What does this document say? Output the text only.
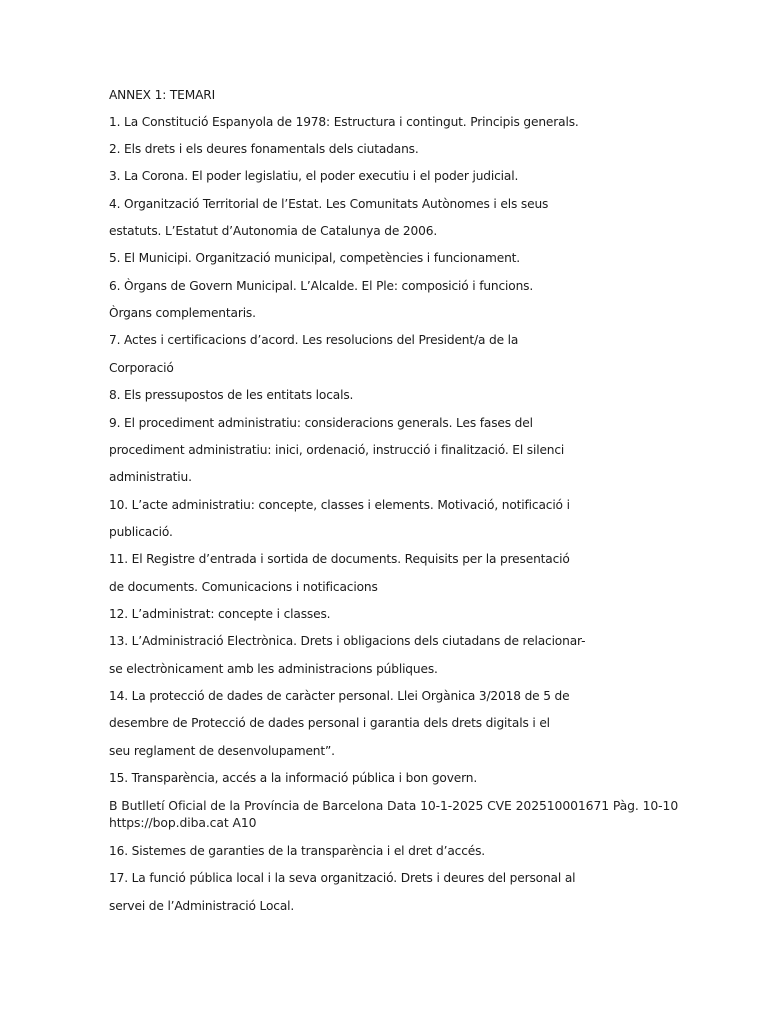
ANNEX 1: TEMARI
1. La Constitució Espanyola de 1978: Estructura i contingut. Principis generals.
2. Els drets i els deures fonamentals dels ciutadans.
3. La Corona. El poder legislatiu, el poder executiu i el poder judicial.
4. Organització Territorial de l’Estat. Les Comunitats Autònomes i els seus
estatuts. L’Estatut d’Autonomia de Catalunya de 2006.
5. El Municipi. Organització municipal, competències i funcionament.
6. Òrgans de Govern Municipal. L’Alcalde. El Ple: composició i funcions.
Òrgans complementaris.
7. Actes i certificacions d’acord. Les resolucions del President/a de la
Corporació
8. Els pressupostos de les entitats locals.
9. El procediment administratiu: consideracions generals. Les fases del
procediment administratiu: inici, ordenació, instrucció i finalització. El silenci
administratiu.
10. L’acte administratiu: concepte, classes i elements. Motivació, notificació i
publicació.
11. El Registre d’entrada i sortida de documents. Requisits per la presentació
de documents. Comunicacions i notificacions
12. L’administrat: concepte i classes.
13. L’Administració Electrònica. Drets i obligacions dels ciutadans de relacionar-
se electrònicament amb les administracions públiques.
14. La protecció de dades de caràcter personal. Llei Orgànica 3/2018 de 5 de
desembre de Protecció de dades personal i garantia dels drets digitals i el
seu reglament de desenvolupament”.
15. Transparència, accés a la informació pública i bon govern.
B Butlletí Oficial de la Província de Barcelona Data 10-1-2025 CVE 202510001671 Pàg. 10-10
https://bop.diba.cat A10
16. Sistemes de garanties de la transparència i el dret d’accés.
17. La funció pública local i la seva organització. Drets i deures del personal al
servei de l’Administració Local.
